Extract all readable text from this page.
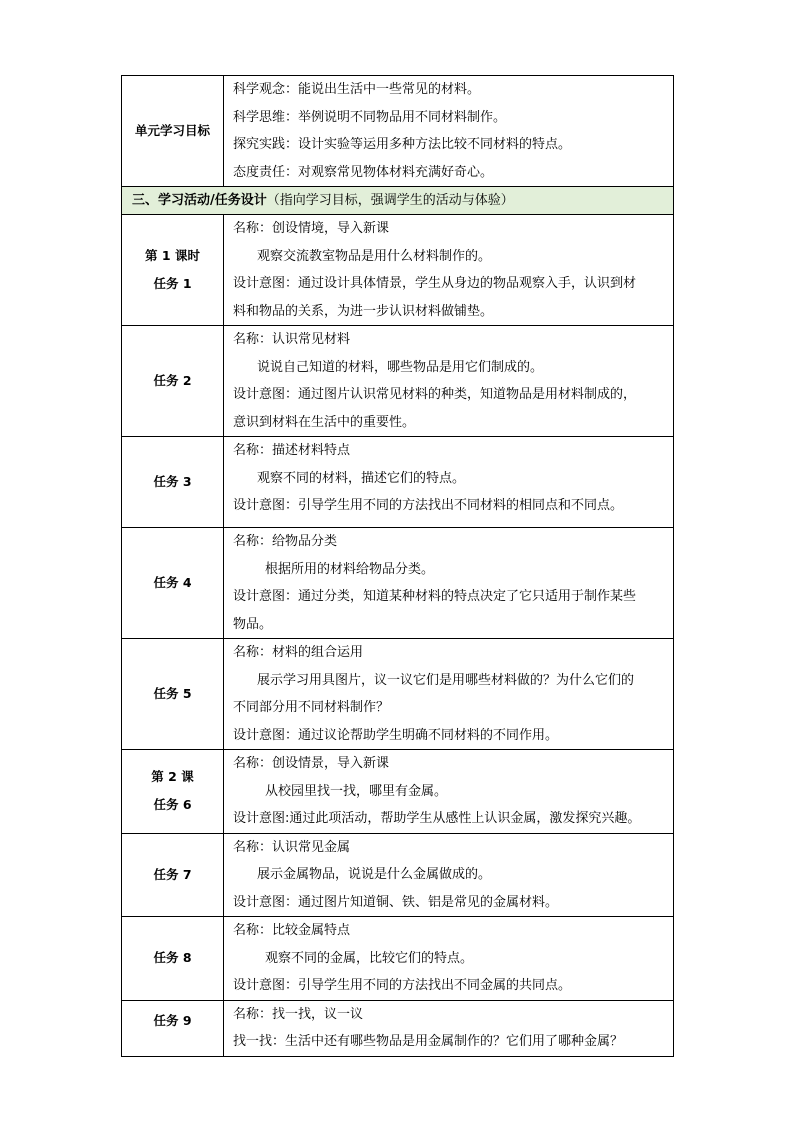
单元学习目标	科学观念：能说出生活中一些常见的材料。
科学思维：举例说明不同物品用不同材料制作。
探究实践：设计实验等运用多种方法比较不同材料的特点。
态度责任：对观察常见物体材料充满好奇心。

三、学习活动/任务设计（指向学习目标，强调学生的活动与体验）	

第 1 课时
任务 1	名称：创设情境，导入新课
观察交流教室物品是用什么材料制作的。
设计意图：通过设计具体情景，学生从身边的物品观察入手，认识到材
料和物品的关系，为进一步认识材料做铺垫。

任务 2	名称：认识常见材料
说说自己知道的材料，哪些物品是用它们制成的。
设计意图：通过图片认识常见材料的种类，知道物品是用材料制成的，
意识到材料在生活中的重要性。

任务 3	名称：描述材料特点
观察不同的材料，描述它们的特点。
设计意图：引导学生用不同的方法找出不同材料的相同点和不同点。

任务 4	名称：给物品分类
根据所用的材料给物品分类。
设计意图：通过分类，知道某种材料的特点决定了它只适用于制作某些
物品。

任务 5	名称：材料的组合运用
展示学习用具图片，议一议它们是用哪些材料做的？为什么它们的
不同部分用不同材料制作？
设计意图：通过议论帮助学生明确不同材料的不同作用。

第 2 课
任务 6	名称：创设情景，导入新课
从校园里找一找，哪里有金属。
设计意图:通过此项活动，帮助学生从感性上认识金属，激发探究兴趣。

任务 7	名称：认识常见金属
展示金属物品，说说是什么金属做成的。
设计意图：通过图片知道铜、铁、铝是常见的金属材料。

任务 8	名称：比较金属特点
观察不同的金属，比较它们的特点。
设计意图：引导学生用不同的方法找出不同金属的共同点。

任务 9	名称：找一找，议一议
找一找：生活中还有哪些物品是用金属制作的？它们用了哪种金属？
